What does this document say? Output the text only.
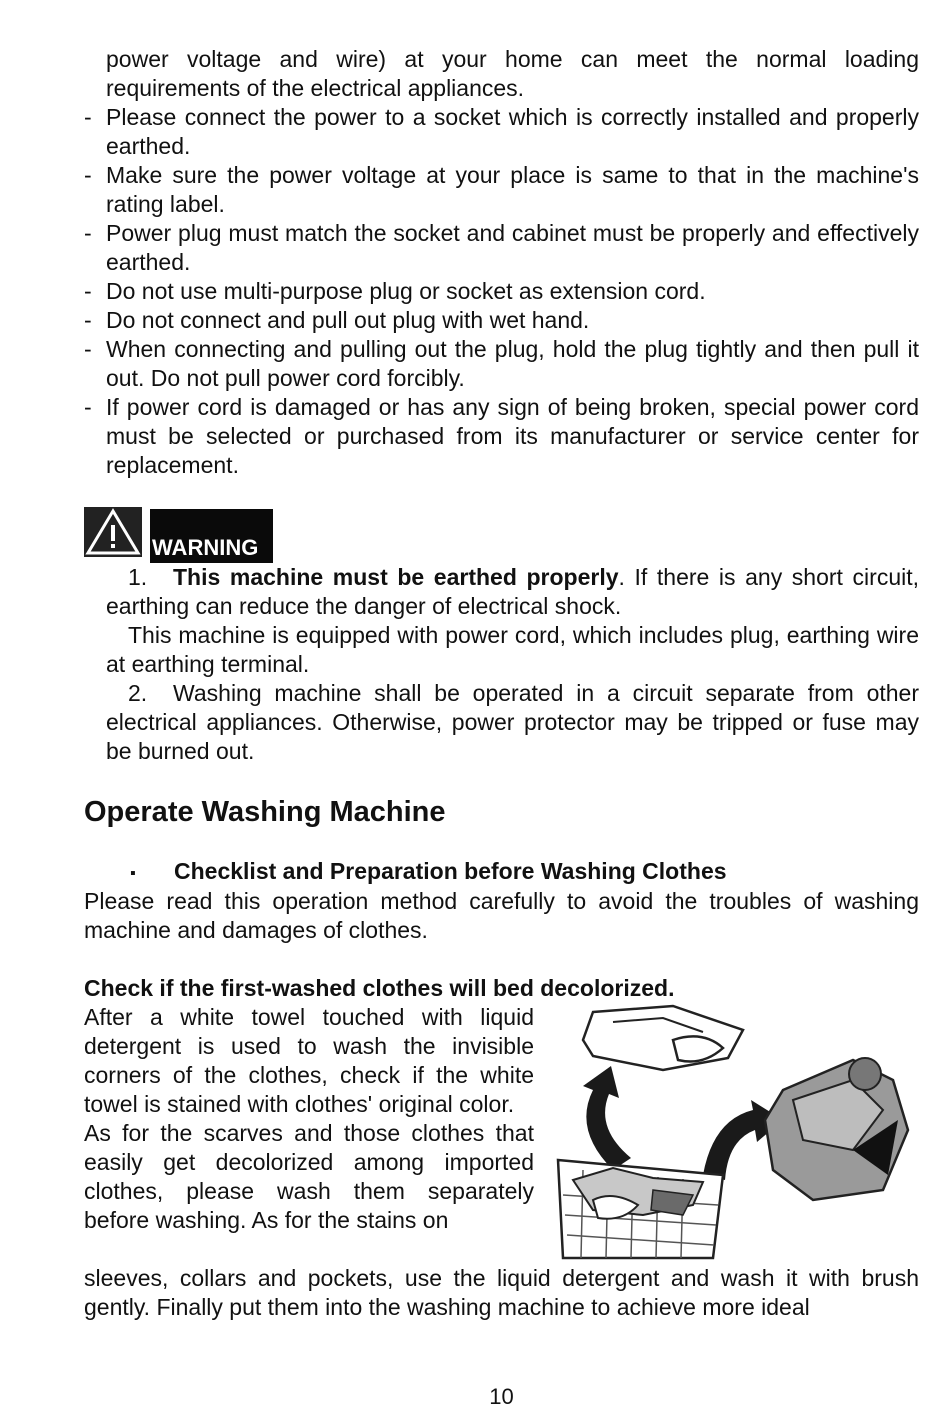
power voltage and wire) at your home can meet the normal loading requirements of the electrical appliances.

- Please connect the power to a socket which is correctly installed and properly earthed.

- Make sure the power voltage at your place is same to that in the machine's rating label.

- Power plug must match the socket and cabinet must be properly and effectively earthed.

- Do not use multi-purpose plug or socket as extension cord.

- Do not connect and pull out plug with wet hand.

- When connecting and pulling out the plug, hold the plug tightly and then pull it out. Do not pull power cord forcibly.

- If power cord is damaged or has any sign of being broken, special power cord must be selected or purchased from its manufacturer or service center for replacement.

WARNING

1. This machine must be earthed properly. If there is any short circuit, earthing can reduce the danger of electrical shock.

This machine is equipped with power cord, which includes plug, earthing wire at earthing terminal.

2. Washing machine shall be operated in a circuit separate from other electrical appliances. Otherwise, power protector may be tripped or fuse may be burned out.

Operate Washing Machine
▪ Checklist and Preparation before Washing Clothes

Please read this operation method carefully to avoid the troubles of washing machine and damages of clothes.

Check if the first-washed clothes will bed decolorized.

After a white towel touched with liquid detergent is used to wash the invisible corners of the clothes, check if the white towel is stained with clothes' original color.

As for the scarves and those clothes that easily get decolorized among imported clothes, please wash them separately before washing. As for the stains on

sleeves, collars and pockets, use the liquid detergent and wash it with brush gently. Finally put them into the washing machine to achieve more ideal

10
